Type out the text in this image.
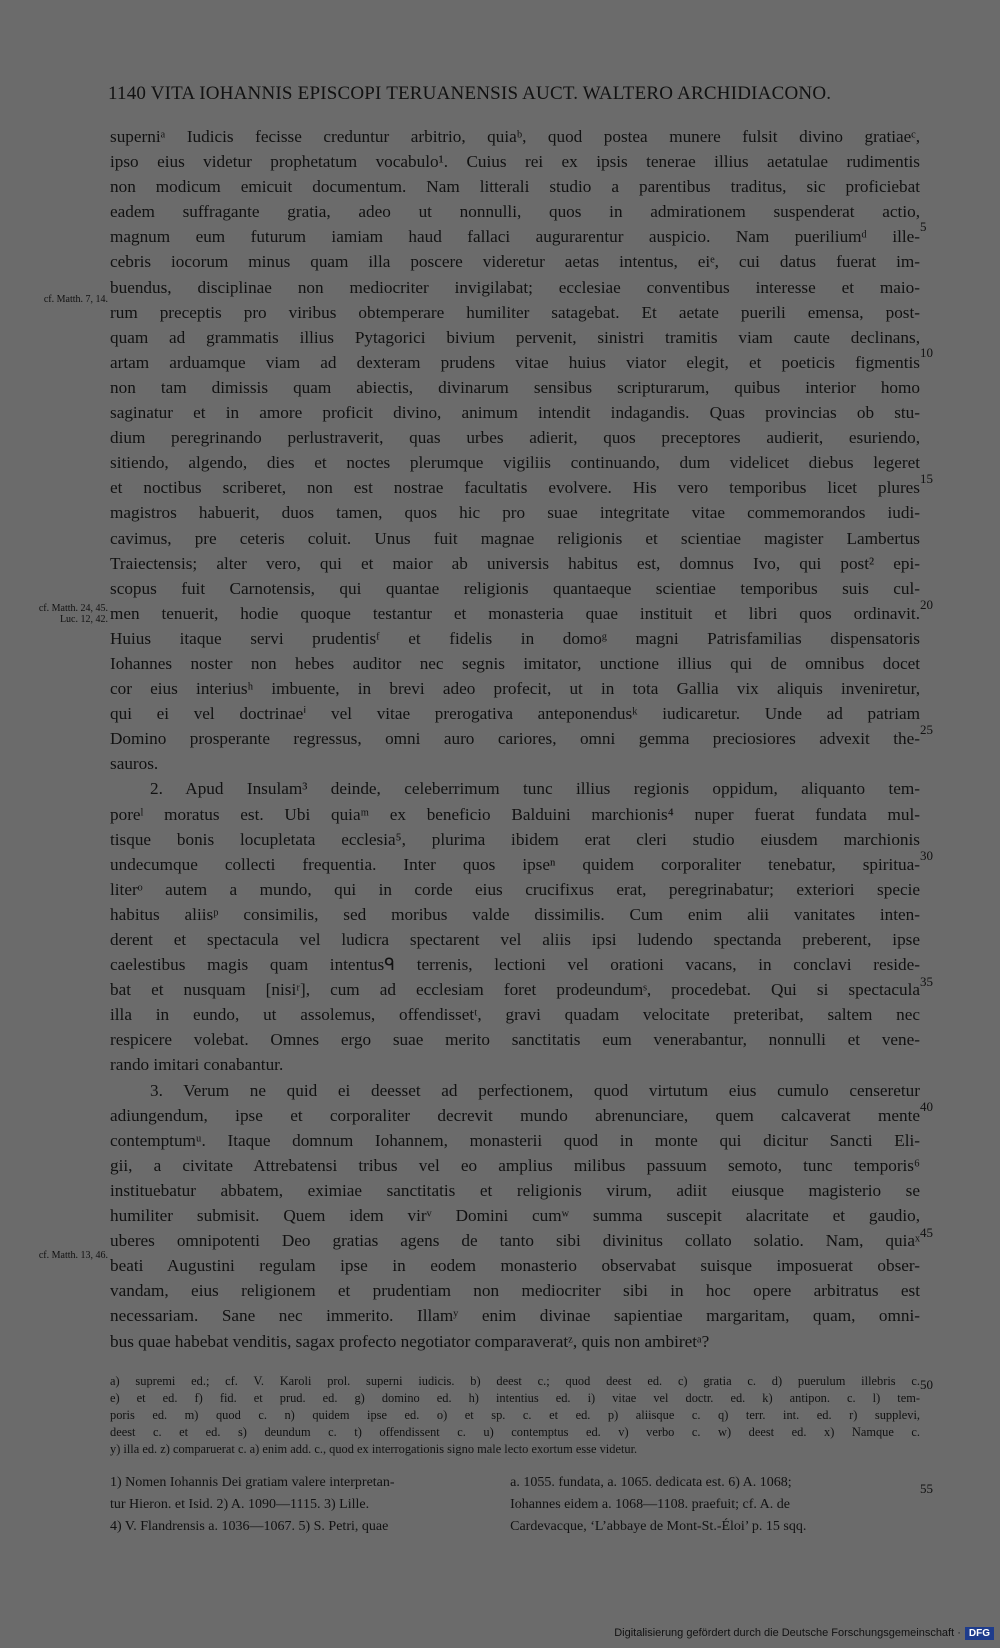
1140 VITA IOHANNIS EPISCOPI TERUANENSIS AUCT. WALTERO ARCHIDIACONO.
superniᵃ Iudicis fecisse creduntur arbitrio, quiaᵇ, quod postea munere fulsit divino gratiaeᶜ,
ipso eius videtur prophetatum vocabulo¹. Cuius rei ex ipsis tenerae illius aetatulae rudimentis
non modicum emicuit documentum. Nam litterali studio a parentibus traditus, sic proficiebat
eadem suffragante gratia, adeo ut nonnulli, quos in admirationem suspenderat actio,
magnum eum futurum iamiam haud fallaci augurarentur auspicio. Nam pueriliumᵈ ille-
cebris iocorum minus quam illa poscere videretur aetas intentus, eiᵉ, cui datus fuerat im-
buendus, disciplinae non mediocriter invigilabat; ecclesiae conventibus interesse et maio-
rum preceptis pro viribus obtemperare humiliter satagebat. Et aetate puerili emensa, post-
quam ad grammatis illius Pytagorici bivium pervenit, sinistri tramitis viam caute declinans,
artam arduamque viam ad dexteram prudens vitae huius viator elegit, et poeticis figmentis
non tam dimissis quam abiectis, divinarum sensibus scripturarum, quibus interior homo
saginatur et in amore proficit divino, animum intendit indagandis. Quas provincias ob stu-
dium peregrinando perlustraverit, quas urbes adierit, quos preceptores audierit, esuriendo,
sitiendo, algendo, dies et noctes plerumque vigiliis continuando, dum videlicet diebus legeret
et noctibus scriberet, non est nostrae facultatis evolvere. His vero temporibus licet plures
magistros habuerit, duos tamen, quos hic pro suae integritate vitae commemorandos iudi-
cavimus, pre ceteris coluit. Unus fuit magnae religionis et scientiae magister Lambertus
Traiectensis; alter vero, qui et maior ab universis habitus est, domnus Ivo, qui post² epi-
scopus fuit Carnotensis, qui quantae religionis quantaeque scientiae temporibus suis cul-
men tenuerit, hodie quoque testantur et monasteria quae instituit et libri quos ordinavit.
Huius itaque servi prudentisᶠ et fidelis in domoᵍ magni Patrisfamilias dispensatoris
Iohannes noster non hebes auditor nec segnis imitator, unctione illius qui de omnibus docet
cor eius interiusʰ imbuente, in brevi adeo profecit, ut in tota Gallia vix aliquis inveniretur,
qui ei vel doctrinaeⁱ vel vitae prerogativa anteponendusᵏ iudicaretur. Unde ad patriam
Domino prosperante regressus, omni auro cariores, omni gemma preciosiores advexit the-
sauros.
2. Apud Insulam³ deinde, celeberrimum tunc illius regionis oppidum, aliquanto tem-
poreˡ moratus est. Ubi quiaᵐ ex beneficio Balduini marchionis⁴ nuper fuerat fundata mul-
tisque bonis locupletata ecclesia⁵, plurima ibidem erat cleri studio eiusdem marchionis
undecumque collecti frequentia. Inter quos ipseⁿ quidem corporaliter tenebatur, spiritua-
literᵒ autem a mundo, qui in corde eius crucifixus erat, peregrinabatur; exteriori specie
habitus aliisᵖ consimilis, sed moribus valde dissimilis. Cum enim alii vanitates inten-
derent et spectacula vel ludicra spectarent vel aliis ipsi ludendo spectanda preberent, ipse
caelestibus magis quam intentusᑫ terrenis, lectioni vel orationi vacans, in conclavi reside-
bat et nusquam [nisiʳ], cum ad ecclesiam foret prodeundumˢ, procedebat. Qui si spectacula
illa in eundo, ut assolemus, offendissetᵗ, gravi quadam velocitate preteribat, saltem nec
respicere volebat. Omnes ergo suae merito sanctitatis eum venerabantur, nonnulli et vene-
rando imitari conabantur.
3. Verum ne quid ei deesset ad perfectionem, quod virtutum eius cumulo censeretur
adiungendum, ipse et corporaliter decrevit mundo abrenunciare, quem calcaverat mente
contemptumᵘ. Itaque domnum Iohannem, monasterii quod in monte qui dicitur Sancti Eli-
gii, a civitate Attrebatensi tribus vel eo amplius milibus passuum semoto, tunc temporis⁶
instituebatur abbatem, eximiae sanctitatis et religionis virum, adiit eiusque magisterio se
humiliter submisit. Quem idem virᵛ Domini cumʷ summa suscepit alacritate et gaudio,
uberes omnipotenti Deo gratias agens de tanto sibi divinitus collato solatio. Nam, quiaˣ
beati Augustini regulam ipse in eodem monasterio observabat suisque imposuerat obser-
vandam, eius religionem et prudentiam non mediocriter sibi in hoc opere arbitratus est
necessariam. Sane nec immerito. Illamʸ enim divinae sapientiae margaritam, quam, omni-
bus quae habebat venditis, sagax profecto negotiator comparaveratᶻ, quis non ambiretᵃ?
cf. Matth. 7, 14.
cf. Matth. 24, 45. Luc. 12, 42.
cf. Matth. 13, 46.
5
10
15
20
25
30
35
40
45
50
55
a) supremi ed.; cf. V. Karoli prol. superni iudicis. b) deest c.; quod deest ed. c) gratia c. d) puerulum illebris c.
e) et ed. f) fid. et prud. ed. g) domino ed. h) intentius ed. i) vitae vel doctr. ed. k) antipon. c. l) tem-
poris ed. m) quod c. n) quidem ipse ed. o) et sp. c. et ed. p) aliisque c. q) terr. int. ed. r) supplevi,
deest c. et ed. s) deundum c. t) offendissent c. u) contemptus ed. v) verbo c. w) deest ed. x) Namque c.
y) illa ed. z) comparuerat c. a) enim add. c., quod ex interrogationis signo male lecto exortum esse videtur.
1) Nomen Iohannis Dei gratiam valere interpretan-	a. 1055. fundata, a. 1065. dedicata est. 6) A. 1068;
tur Hieron. et Isid. 2) A. 1090—1115. 3) Lille.	Iohannes eidem a. 1068—1108. praefuit; cf. A. de
4) V. Flandrensis a. 1036—1067. 5) S. Petri, quae	Cardevacque, ‘L’abbaye de Mont-St.-Éloi’ p. 15 sqq.
Digitalisierung gefördert durch die Deutsche Forschungsgemeinschaft · DFG
